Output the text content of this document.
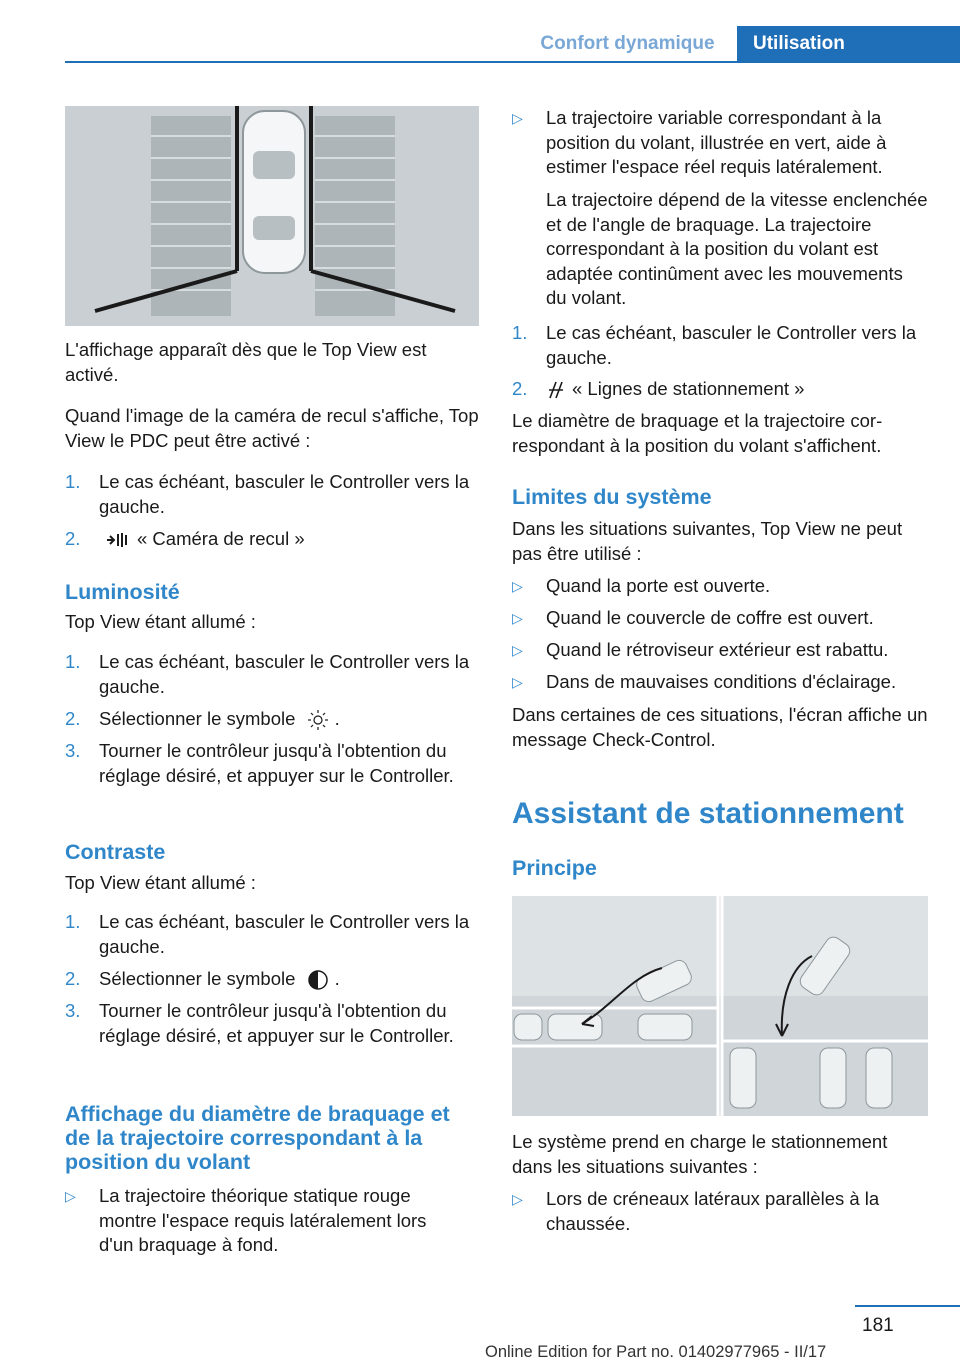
Confort dynamique	Utilisation
L'affichage apparaît dès que le Top View est activé.
Quand l'image de la caméra de recul s'affiche, Top View le PDC peut être activé :
1. Le cas échéant, basculer le Controller vers la gauche.
2.	« Caméra de recul »
Luminosité
Top View étant allumé :
1. Le cas échéant, basculer le Controller vers la gauche.
2. Sélectionner le symbole .
3. Tourner le contrôleur jusqu'à l'obtention du réglage désiré, et appuyer sur le Controller.
Contraste
Top View étant allumé :
1. Le cas échéant, basculer le Controller vers la gauche.
2. Sélectionner le symbole .
3. Tourner le contrôleur jusqu'à l'obtention du réglage désiré, et appuyer sur le Controller.
Affichage du diamètre de braquage et de la trajectoire correspondant à la position du volant
▷ La trajectoire théorique statique rouge montre l'espace requis latéralement lors d'un braquage à fond.
▷ La trajectoire variable correspondant à la position du volant, illustrée en vert, aide à estimer l'espace réel requis latéralement.
La trajectoire dépend de la vitesse enclenchée et de l'angle de braquage. La trajectoire correspondant à la position du volant est adaptée continûment avec les mouvements du volant.
1. Le cas échéant, basculer le Controller vers la gauche.
2.	« Lignes de stationnement »
Le diamètre de braquage et la trajectoire correspondant à la position du volant s'affichent.
Limites du système
Dans les situations suivantes, Top View ne peut pas être utilisé :
▷ Quand la porte est ouverte.
▷ Quand le couvercle de coffre est ouvert.
▷ Quand le rétroviseur extérieur est rabattu.
▷ Dans de mauvaises conditions d'éclairage.
Dans certaines de ces situations, l'écran affiche un message Check-Control.
Assistant de stationnement
Principe
Le système prend en charge le stationnement dans les situations suivantes :
▷ Lors de créneaux latéraux parallèles à la chaussée.
181
Online Edition for Part no. 01402977965 - II/17
